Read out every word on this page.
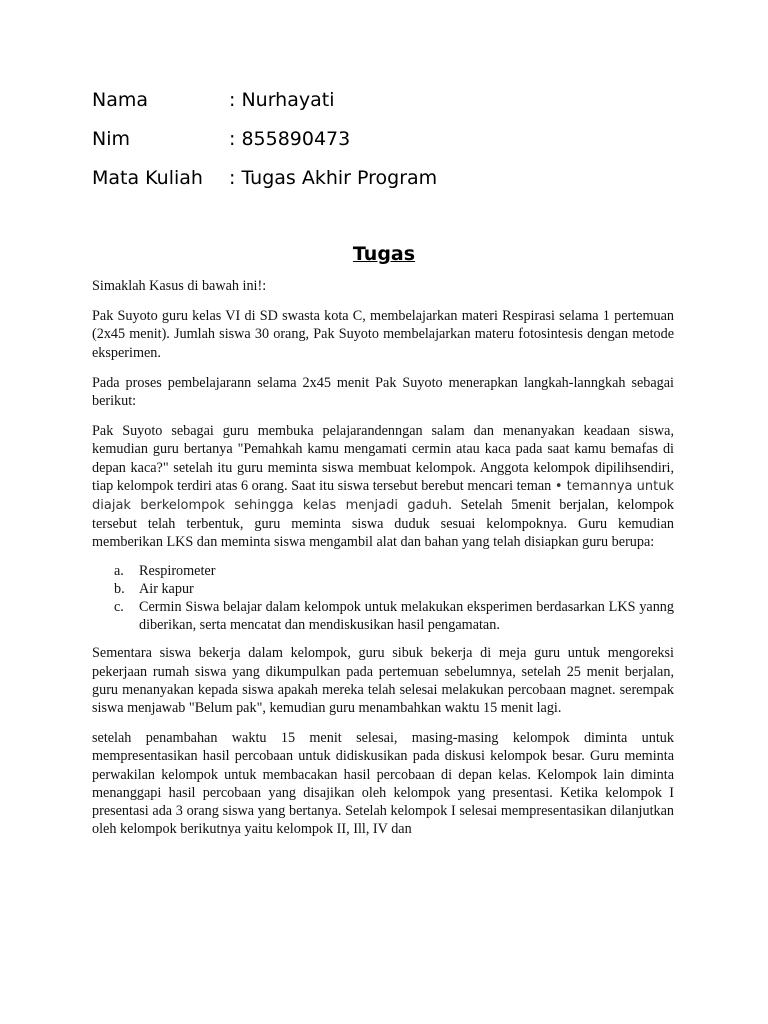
Nama	: Nurhayati
Nim	: 855890473
Mata Kuliah : Tugas Akhir Program
Tugas

Simaklah Kasus di bawah ini!:

Pak Suyoto guru kelas VI di SD swasta kota C, membelajarkan materi Respirasi selama 1 pertemuan (2x45 menit). Jumlah siswa 30 orang, Pak Suyoto membelajarkan materu fotosintesis dengan metode eksperimen.

Pada proses pembelajarann selama 2x45 menit Pak Suyoto menerapkan langkah-lanngkah sebagai berikut:

Pak Suyoto sebagai guru membuka pelajarandenngan salam dan menanyakan keadaan siswa, kemudian guru bertanya "Pemahkah kamu mengamati cermin atau kaca pada saat kamu bemafas di depan kaca?" setelah itu guru meminta siswa membuat kelompok. Anggota kelompok dipilihsendiri, tiap kelompok terdiri atas 6 orang. Saat itu siswa tersebut berebut mencari teman • temannya untuk diajak berkelompok sehingga kelas menjadi gaduh. Setelah 5menit berjalan, kelompok tersebut telah terbentuk, guru meminta siswa duduk sesuai kelompoknya. Guru kemudian memberikan LKS dan meminta siswa mengambil alat dan bahan yang telah disiapkan guru berupa:

a. Respirometer
b. Air kapur
c. Cermin Siswa belajar dalam kelompok untuk melakukan eksperimen berdasarkan LKS yanng diberikan, serta mencatat dan mendiskusikan hasil pengamatan.

Sementara siswa bekerja dalam kelompok, guru sibuk bekerja di meja guru untuk mengoreksi pekerjaan rumah siswa yang dikumpulkan pada pertemuan sebelumnya, setelah 25 menit berjalan, guru menanyakan kepada siswa apakah mereka telah selesai melakukan percobaan magnet. serempak siswa menjawab "Belum pak", kemudian guru menambahkan waktu 15 menit lagi.

setelah penambahan waktu 15 menit selesai, masing-masing kelompok diminta untuk mempresentasikan hasil percobaan untuk didiskusikan pada diskusi kelompok besar. Guru meminta perwakilan kelompok untuk membacakan hasil percobaan di depan kelas. Kelompok lain diminta menanggapi hasil percobaan yang disajikan oleh kelompok yang presentasi. Ketika kelompok I presentasi ada 3 orang siswa yang bertanya. Setelah kelompok I selesai mempresentasikan dilanjutkan oleh kelompok berikutnya yaitu kelompok II, Ill, IV dan
